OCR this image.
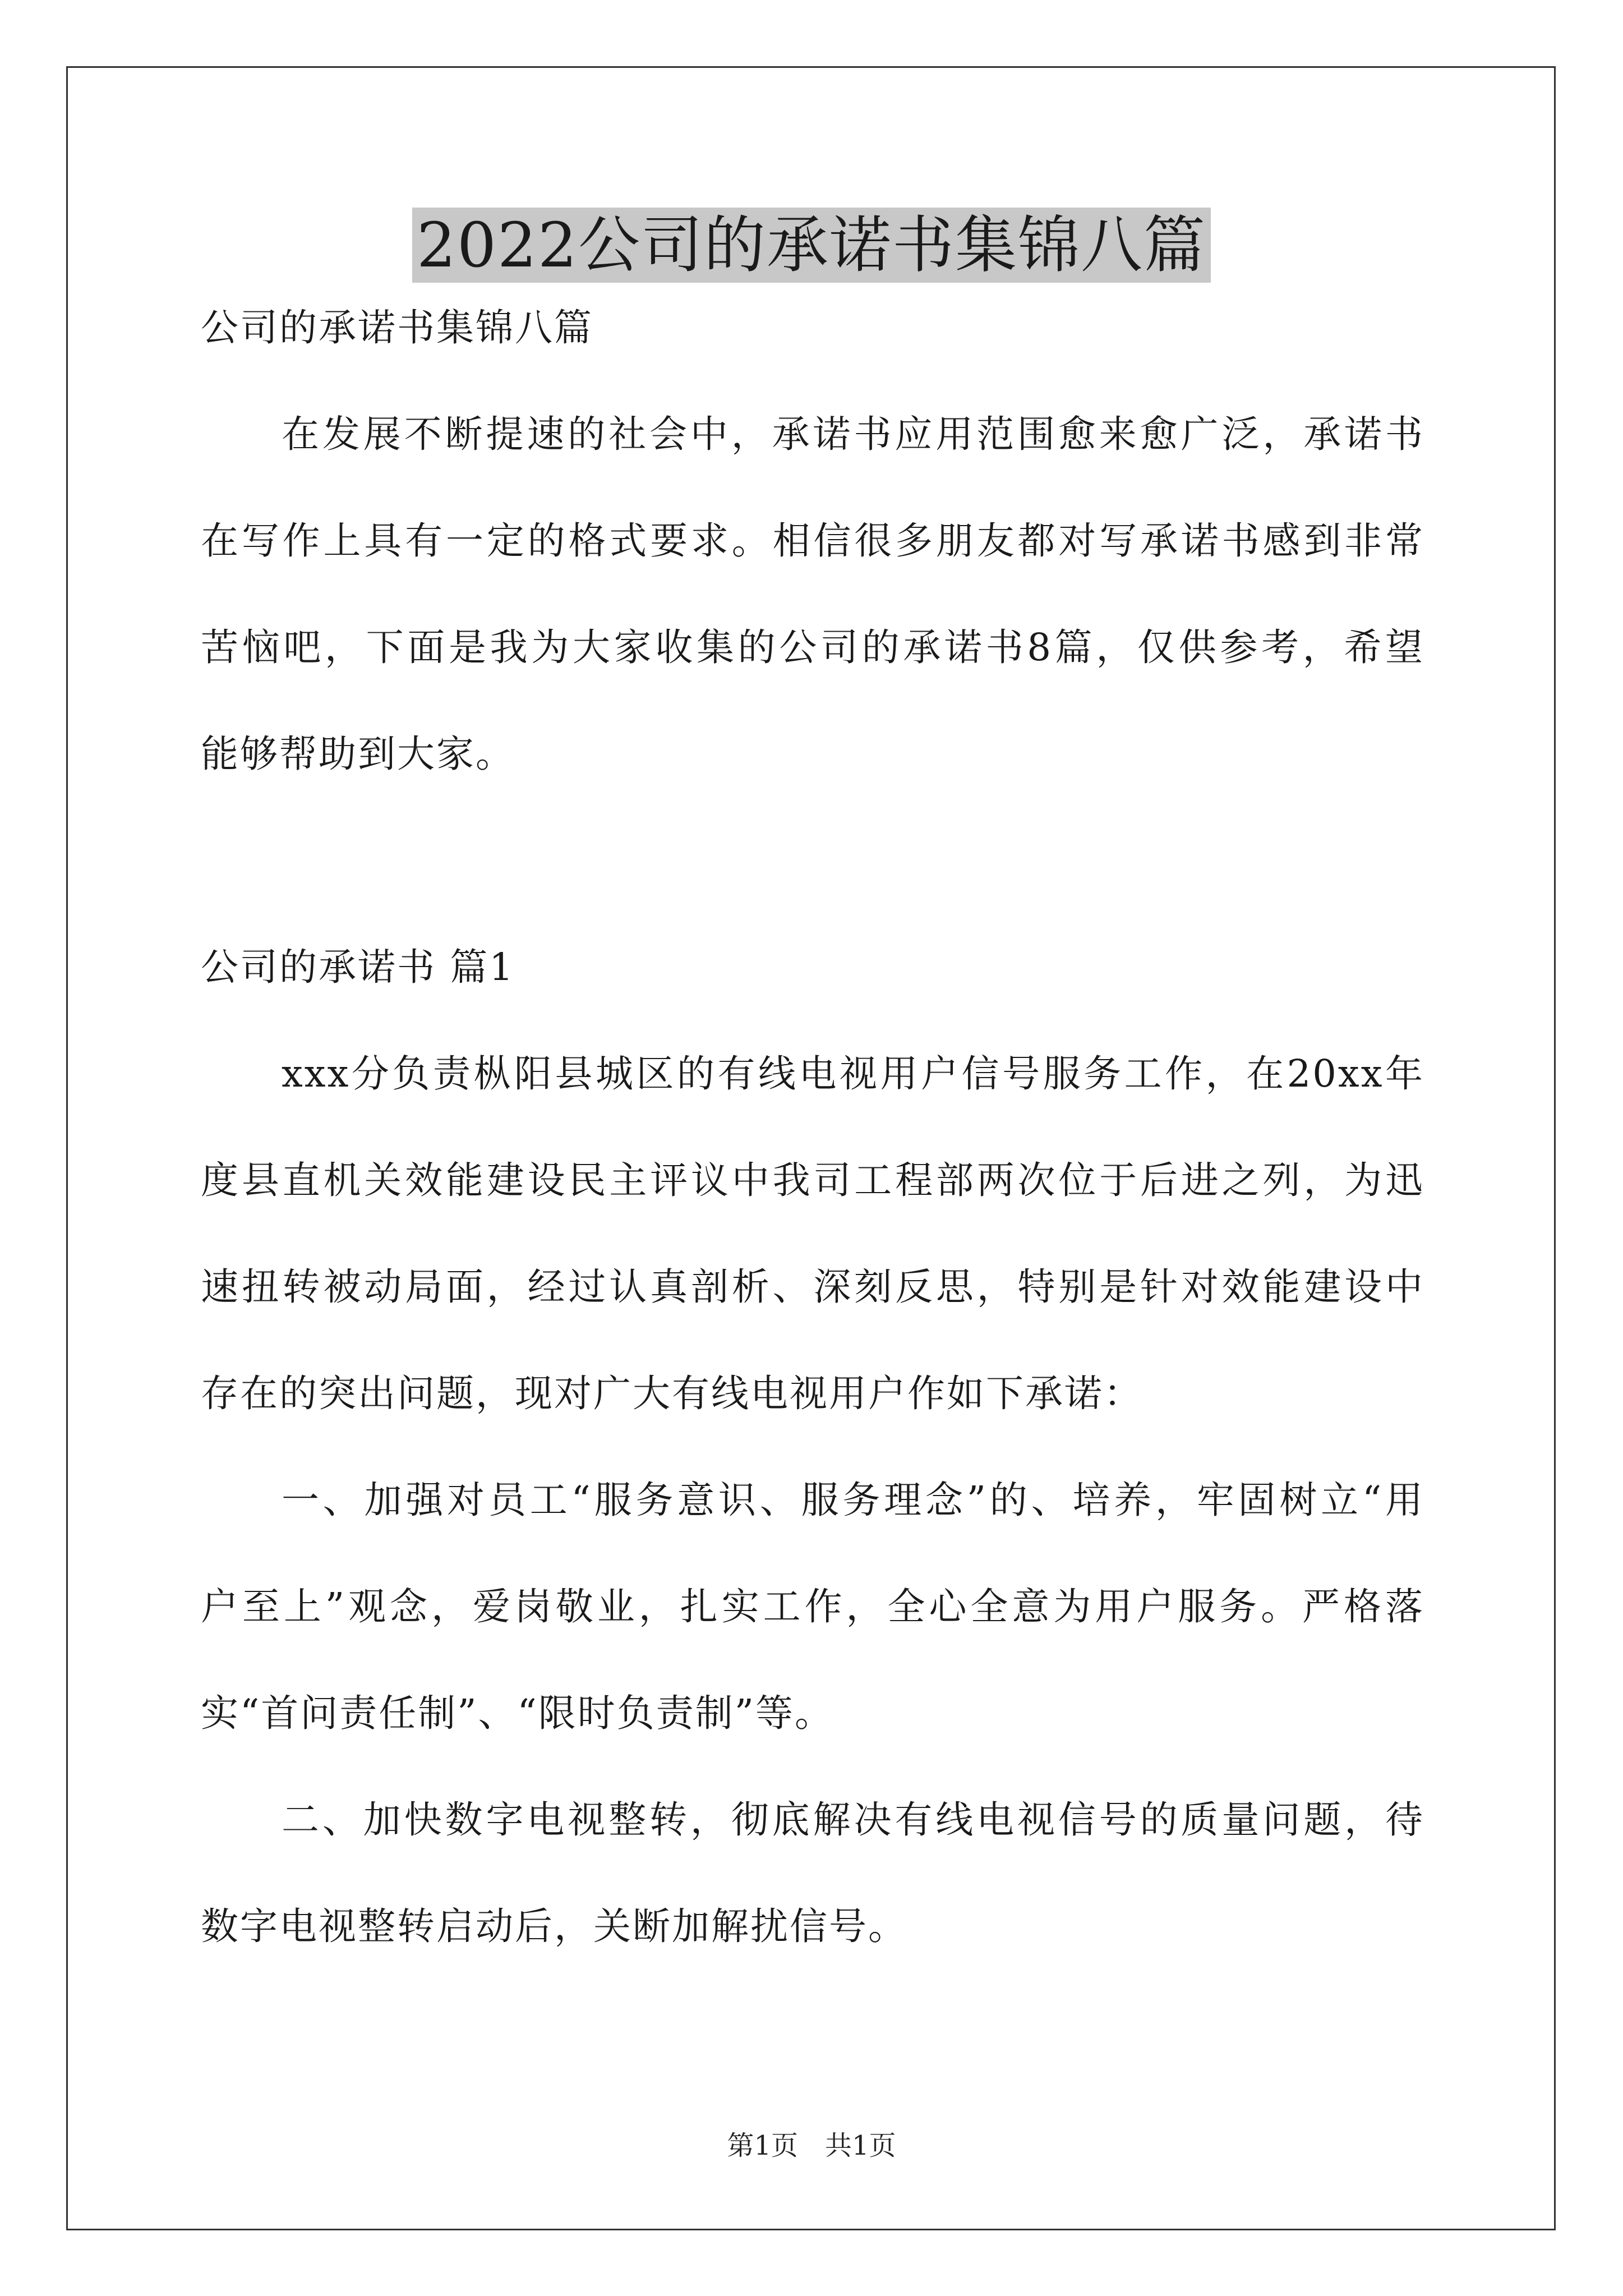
2022公司的承诺书集锦八篇
公司的承诺书集锦八篇
在发展不断提速的社会中，承诺书应用范围愈来愈广泛，承诺书
在写作上具有一定的格式要求。相信很多朋友都对写承诺书感到非常
苦恼吧，下面是我为大家收集的公司的承诺书8篇，仅供参考，希望
能够帮助到大家。
公司的承诺书 篇1
xxx分负责枞阳县城区的有线电视用户信号服务工作，在20xx年
度县直机关效能建设民主评议中我司工程部两次位于后进之列，为迅
速扭转被动局面，经过认真剖析、深刻反思，特别是针对效能建设中
存在的突出问题，现对广大有线电视用户作如下承诺：
一、加强对员工“服务意识、服务理念”的、培养，牢固树立“用
户至上”观念，爱岗敬业，扎实工作，全心全意为用户服务。严格落
实“首问责任制”、“限时负责制”等。
二、加快数字电视整转，彻底解决有线电视信号的质量问题，待
数字电视整转启动后，关断加解扰信号。
第1页　共1页
